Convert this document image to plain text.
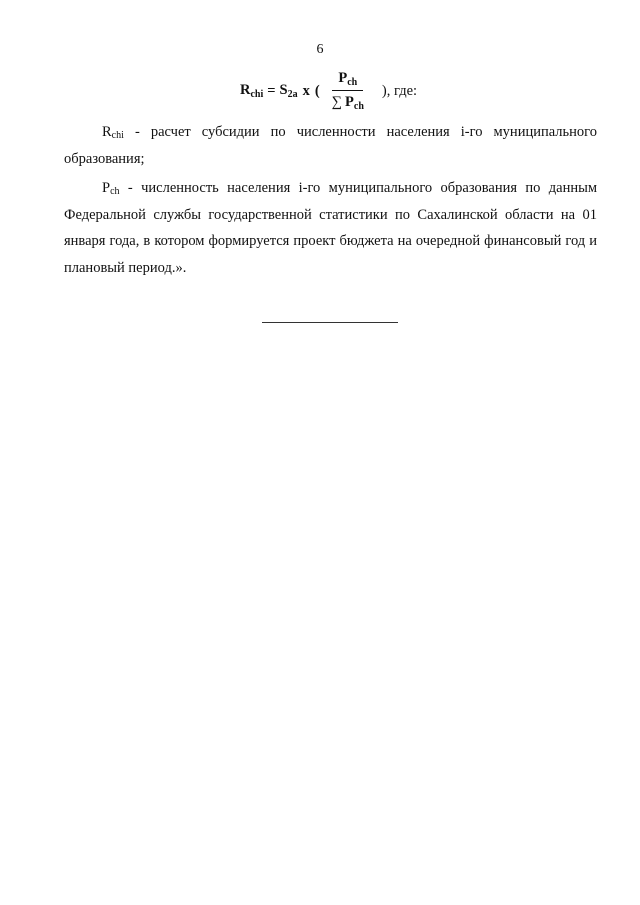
6
$R_{chi} = S_{2a}$ x ( $\frac{P_{ch}}{\sum P_{ch}}$ ), где:

$R_{chi}$ - расчет субсидии по численности населения i-го муниципального образования;

$P_{ch}$ - численность населения i-го муниципального образования по данным Федеральной службы государственной статистики по Сахалинской области на 01 января года, в котором формируется проект бюджета на очередной финансовый год и плановый период.».
